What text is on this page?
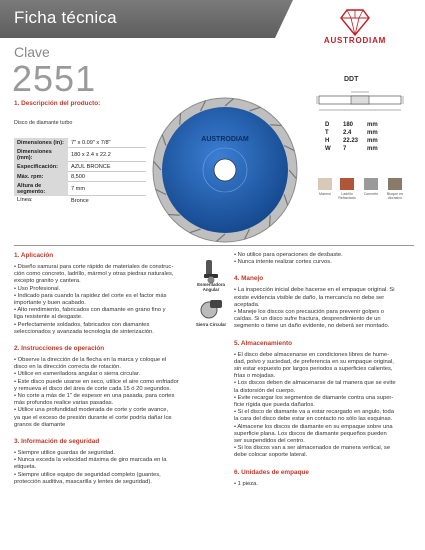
Ficha técnica
AUSTRODIAM
Clave
2551
1. Descripción del producto:
Disco de diamante turbo
Dimensiones (in):	7" x 0.09" x 7/8"
Dimensiones (mm):	180 x 2.4 x 22.2
Especificación:	AZUL BRONCE
Máx. rpm:	8,500
Altura de segmento:	7 mm
Línea:	Bronce
AUSTRODIAM
DDT
D	180	mm
T	2.4	mm
H	22.23	mm
W	7	mm
Mármol	Ladrillo Refractario
Concreto	Bloque en Abrasivo
1. Aplicación
• Diseño samurai para corte rápido de materiales de construc-
ción como concreto, ladrillo, mármol y otras piedras naturales,
excepto granito y cantera.
• Uso Profesional.
• Indicado para cuando la rapidez del corte es el factor más
importante y buen acabado.
• Alto rendimiento, fabricados con diamante en grano fino y
liga resistente al desgaste.
• Perfectamente soldados, fabricados con diamantes
seleccionados y avanzada tecnología de sinterización.
2. Instrucciones de operación
• Observe la dirección de la flecha en la marca y coloque el
disco en la dirección correcta de rotación.
• Utilice en esmeriladora angular o sierra circular.
• Este disco puede usarse en seco, utilice el aire como enfriador
y remueva el disco del área de corte cada 15 ó 20 segundos.
• No corte a más de 1" de espesor en una pasada, para cortes
más profundos realice varias pasadas.
• Utilice una profundidad moderada de corte y corte avance,
ya que el exceso de presión durante el corte podría dañar los
granos de diamante
3. Información de seguridad
• Siempre utilice guardas de seguridad.
• Nunca exceda la velocidad máxima de giro marcada en la
etiqueta.
• Siempre utilice equipo de seguridad completo (guantes,
protección auditiva, mascarilla y lentes de seguridad).
Esmeriladora Angular
Sierra Circular
• No utilice para operaciones de desbaste.
• Nunca intente realizar cortes curvos.
4. Manejo
• La inspección inicial debe hacerse en el empaque original. Si
existe evidencia visible de daño, la mercancía no debe ser
aceptada.
• Maneje los discos con precaución para prevenir golpes o
caídas. Si un disco sufre fractura, desprendimiento de un
segmento o tiene un daño evidente, no deberá ser montado.
5. Almacenamiento
• El disco debe almacenarse en condiciones libres de hume-
dad, polvo y suciedad, de preferencia en su empaque original,
sin estar expuesto por largos periodos a superficies calientes,
frías o mojadas.
• Los discos deben de almacenarse de tal manera que se evite
la distorsión del cuerpo.
• Evite recargar los segmentos de diamante contra una super-
ficie rígida que pueda dañarlos.
• Si el disco de diamante va a estar recargado en angulo, toda
la cara del disco debe estar en contacto no sólo las esquinas.
• Almacene los discos de diamante en su empaque sobre una
superficie plana. Los discos de diamante pequeños pueden
ser suspendidos del centro.
• Si los discos van a ser almacenados de manera vertical, se
debe colocar soporte lateral.
6. Unidades de empaque
• 1 pieza.
